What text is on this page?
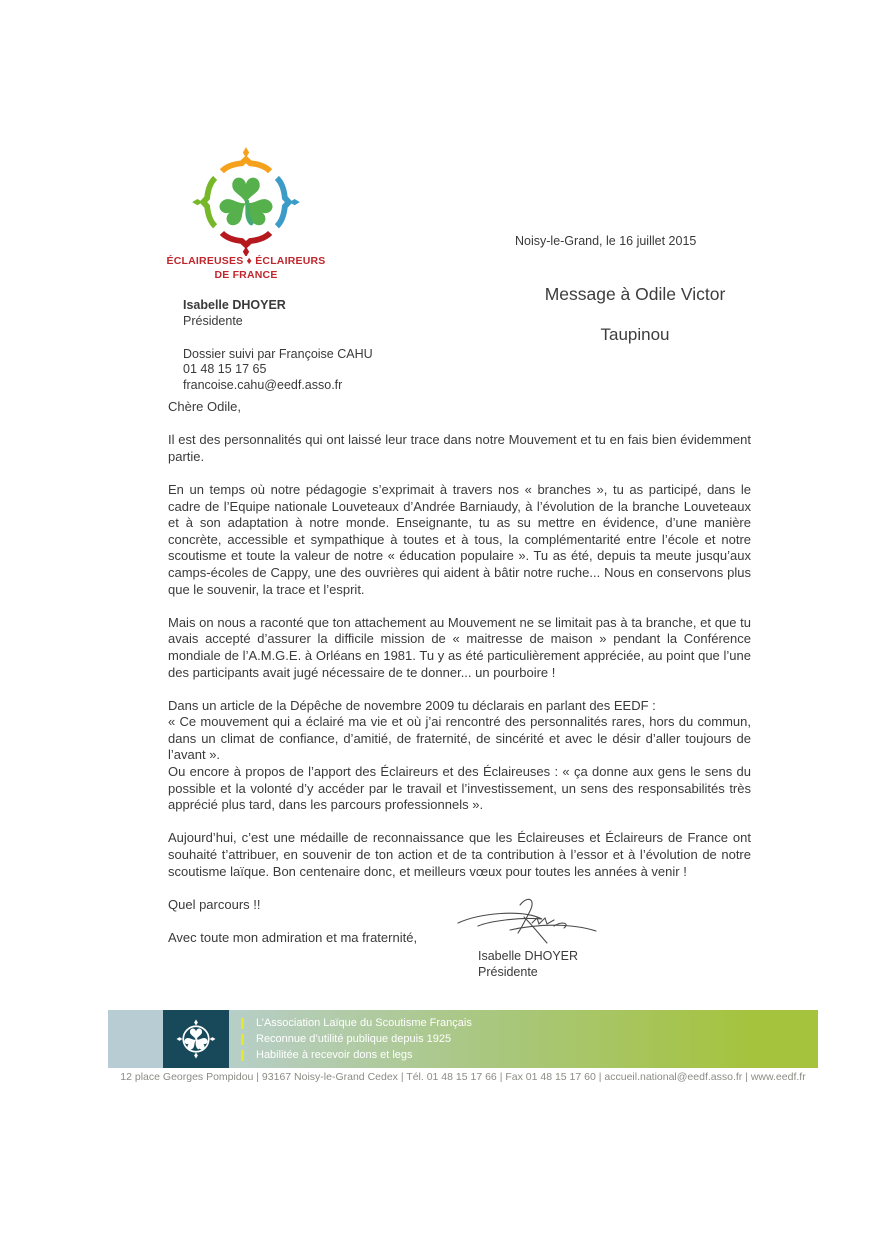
ÉCLAIREUSES ♦ ÉCLAIREURS
DE FRANCE
Isabelle DHOYER
Présidente
Dossier suivi par Françoise CAHU
01 48 15 17 65
francoise.cahu@eedf.asso.fr
Noisy-le-Grand, le 16 juillet 2015
Message à Odile Victor
Taupinou

Chère Odile,

Il est des personnalités qui ont laissé leur trace dans notre Mouvement et tu en fais bien évidemment partie.

En un temps où notre pédagogie s’exprimait à travers nos « branches », tu as participé, dans le cadre de l’Equipe nationale Louveteaux d’Andrée Barniaudy, à l’évolution de la branche Louveteaux et à son adaptation à notre monde. Enseignante, tu as su mettre en évidence, d’une manière concrète, accessible et sympathique à toutes et à tous, la complémentarité entre l’école et notre scoutisme et toute la valeur de notre « éducation populaire ». Tu as été, depuis ta meute jusqu’aux camps-écoles de Cappy, une des ouvrières qui aident à bâtir notre ruche... Nous en conservons plus que le souvenir, la trace et l’esprit.

Mais on nous a raconté que ton attachement au Mouvement ne se limitait pas à ta branche, et que tu avais accepté d’assurer la difficile mission de « maitresse de maison » pendant la Conférence mondiale de l’A.M.G.E. à Orléans en 1981. Tu y as été particulièrement appréciée, au point que l’une des participants avait jugé nécessaire de te donner... un pourboire !

Dans un article de la Dépêche de novembre 2009 tu déclarais en parlant des EEDF :

« Ce mouvement qui a éclairé ma vie et où j’ai rencontré des personnalités rares, hors du commun, dans un climat de confiance, d’amitié, de fraternité, de sincérité et avec le désir d’aller toujours de l’avant ».

Ou encore à propos de l’apport des Éclaireurs et des Éclaireuses : « ça donne aux gens le sens du possible et la volonté d’y accéder par le travail et l’investissement, un sens des responsabilités très apprécié plus tard, dans les parcours professionnels ».

Aujourd’hui, c’est une médaille de reconnaissance que les Éclaireuses et Éclaireurs de France ont souhaité t’attribuer, en souvenir de ton action et de ta contribution à l’essor et à l’évolution de notre scoutisme laïque. Bon centenaire donc, et meilleurs vœux pour toutes les années à venir !

Quel parcours !!

Avec toute mon admiration et ma fraternité,

Isabelle DHOYER
Présidente
L’Association Laïque du Scoutisme Français
Reconnue d’utilité publique depuis 1925
Habilitée à recevoir dons et legs
12 place Georges Pompidou | 93167 Noisy-le-Grand Cedex | Tél. 01 48 15 17 66 | Fax 01 48 15 17 60 | accueil.national@eedf.asso.fr | www.eedf.fr
